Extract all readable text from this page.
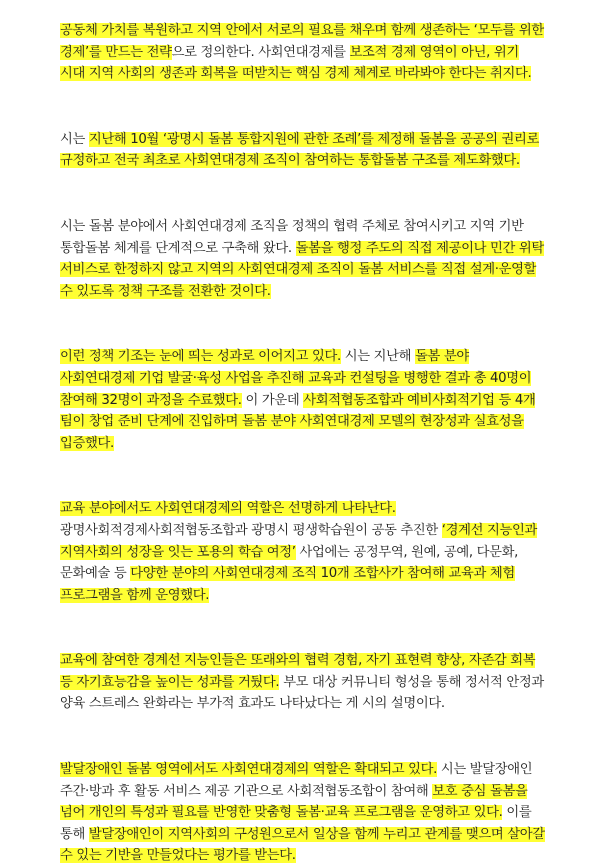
공동체 가치를 복원하고 지역 안에서 서로의 필요를 채우며 함께 생존하는 ‘모두를 위한 경제’를 만드는 전략으로 정의한다. 사회연대경제를 보조적 경제 영역이 아닌, 위기 시대 지역 사회의 생존과 회복을 떠받치는 핵심 경제 체계로 바라봐야 한다는 취지다.

시는 지난해 10월 ‘광명시 돌봄 통합지원에 관한 조례’를 제정해 돌봄을 공공의 권리로 규정하고 전국 최초로 사회연대경제 조직이 참여하는 통합돌봄 구조를 제도화했다.

시는 돌봄 분야에서 사회연대경제 조직을 정책의 협력 주체로 참여시키고 지역 기반 통합돌봄 체계를 단계적으로 구축해 왔다. 돌봄을 행정 주도의 직접 제공이나 민간 위탁 서비스로 한정하지 않고 지역의 사회연대경제 조직이 돌봄 서비스를 직접 설계·운영할 수 있도록 정책 구조를 전환한 것이다.

이런 정책 기조는 눈에 띄는 성과로 이어지고 있다. 시는 지난해 돌봄 분야 사회연대경제 기업 발굴·육성 사업을 추진해 교육과 컨설팅을 병행한 결과 총 40명이 참여해 32명이 과정을 수료했다. 이 가운데 사회적협동조합과 예비사회적기업 등 4개 팀이 창업 준비 단계에 진입하며 돌봄 분야 사회연대경제 모델의 현장성과 실효성을 입증했다.

교육 분야에서도 사회연대경제의 역할은 선명하게 나타난다. 광명사회적경제사회적협동조합과 광명시 평생학습원이 공동 추진한 ‘경계선 지능인과 지역사회의 성장을 잇는 포용의 학습 여정’ 사업에는 공정무역, 원예, 공예, 다문화, 문화예술 등 다양한 분야의 사회연대경제 조직 10개 조합사가 참여해 교육과 체험 프로그램을 함께 운영했다.

교육에 참여한 경계선 지능인들은 또래와의 협력 경험, 자기 표현력 향상, 자존감 회복 등 자기효능감을 높이는 성과를 거뒀다. 부모 대상 커뮤니티 형성을 통해 정서적 안정과 양육 스트레스 완화라는 부가적 효과도 나타났다는 게 시의 설명이다.

발달장애인 돌봄 영역에서도 사회연대경제의 역할은 확대되고 있다. 시는 발달장애인 주간·방과 후 활동 서비스 제공 기관으로 사회적협동조합이 참여해 보호 중심 돌봄을 넘어 개인의 특성과 필요를 반영한 맞춤형 돌봄·교육 프로그램을 운영하고 있다. 이를 통해 발달장애인이 지역사회의 구성원으로서 일상을 함께 누리고 관계를 맺으며 살아갈 수 있는 기반을 만들었다는 평가를 받는다.
